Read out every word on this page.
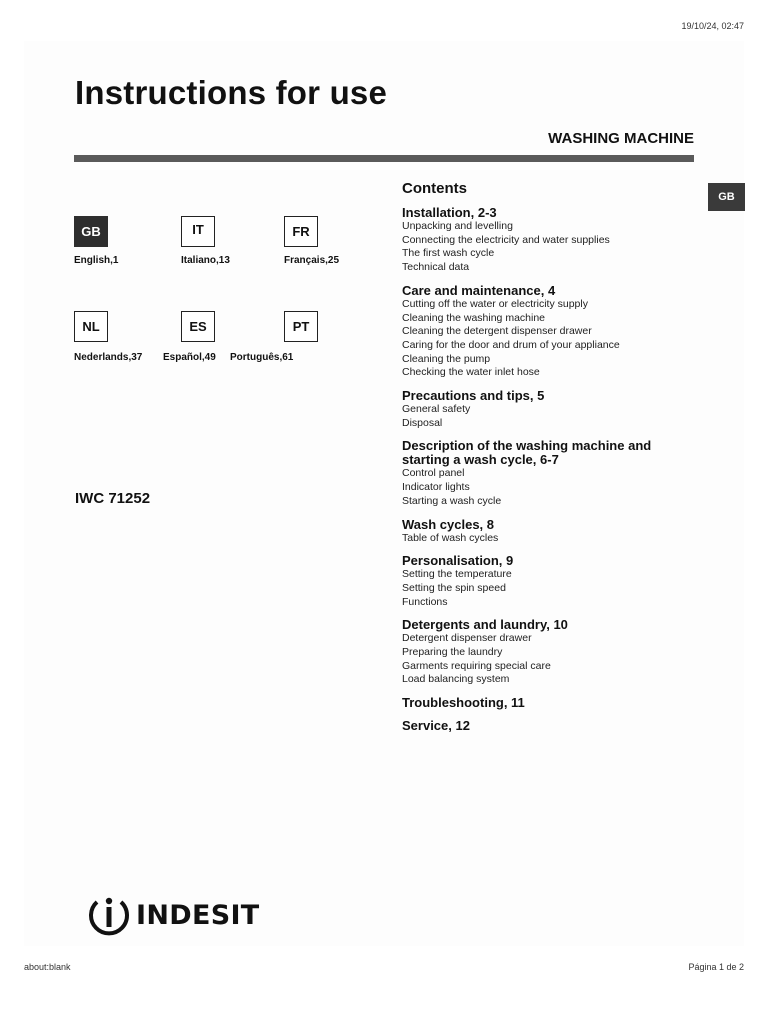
19/10/24, 02:47
Instructions for use
WASHING MACHINE
GB
English,1
IT
Italiano,13
FR
Français,25
NL
Nederlands,37
ES
Español,49
PT
Português,61
IWC 71252
Contents
Installation, 2-3
Unpacking and levelling
Connecting the electricity and water supplies
The first wash cycle
Technical data
Care and maintenance, 4
Cutting off the water or electricity supply
Cleaning the washing machine
Cleaning the detergent dispenser drawer
Caring for the door and drum of your appliance
Cleaning the pump
Checking the water inlet hose
Precautions and tips, 5
General safety
Disposal
Description of the washing machine and starting a wash cycle, 6-7
Control panel
Indicator lights
Starting a wash cycle
Wash cycles, 8
Table of wash cycles
Personalisation, 9
Setting the temperature
Setting the spin speed
Functions
Detergents and laundry, 10
Detergent dispenser drawer
Preparing the laundry
Garments requiring special care
Load balancing system
Troubleshooting, 11
Service, 12
GB
INDESIT
about:blank	Página 1 de 2
